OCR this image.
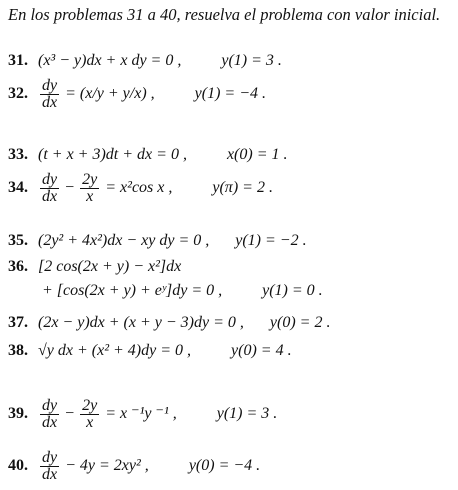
En los problemas 31 a 40, resuelva el problema con valor inicial.
31. (x³ − y)dx + x dy = 0 ,	y(1) = 3 .
32. $\frac{dy}{dx} = (x/y + y/x)$ ,	y(1) = −4 .
33. (t + x + 3)dt + dx = 0 ,	x(0) = 1 .
34. $\frac{dy}{dx} - \frac{2y}{x} = x^2\cos$ x ,	y(π) = 2 .
35. (2y² + 4x²)dx − xy dy = 0 , y(1) = −2 .
36. [2 cos(2x + y) − x²]dx
+ [cos(2x + y) + eʸ]dy = 0 ,	y(1) = 0 .
37. (2x − y)dx + (x + y − 3)dy = 0 , y(0) = 2 .
38. √y dx + (x² + 4)dy = 0 ,	y(0) = 4 .
39. $\frac{dy}{dx} - \frac{2y}{x} = x$ ⁻¹y ⁻¹ ,	y(1) = 3 .
40. $\frac{dy}{dx} - 4y = 2xy^2$ ,	y(0) = −4 .
